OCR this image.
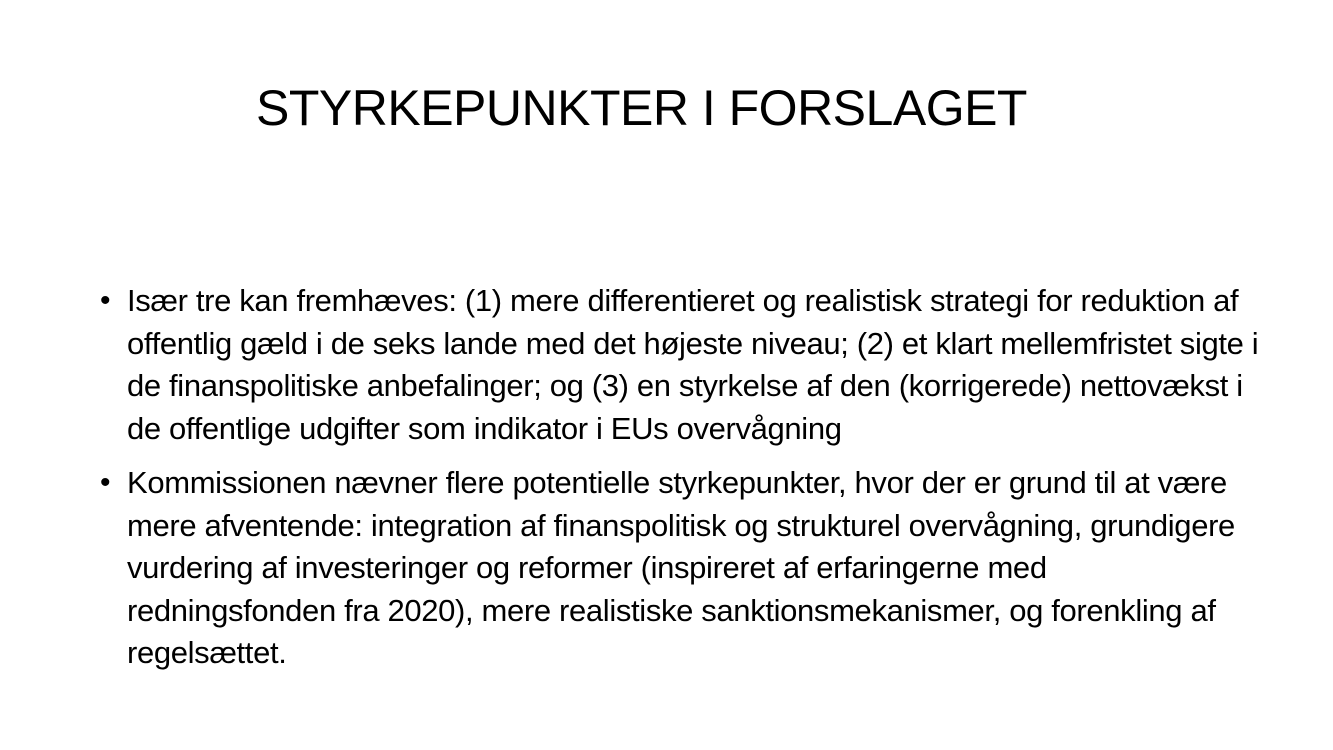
STYRKEPUNKTER I FORSLAGET
• Især tre kan fremhæves: (1) mere differentieret og realistisk strategi for reduktion af offentlig gæld i de seks lande med det højeste niveau; (2) et klart mellemfristet sigte i de finanspolitiske anbefalinger; og (3) en styrkelse af den (korrigerede) nettovækst i de offentlige udgifter som indikator i EUs overvågning
• Kommissionen nævner flere potentielle styrkepunkter, hvor der er grund til at være mere afventende: integration af finanspolitisk og strukturel overvågning, grundigere vurdering af investeringer og reformer (inspireret af erfaringerne med redningsfonden fra 2020), mere realistiske sanktionsmekanismer, og forenkling af regelsættet.
